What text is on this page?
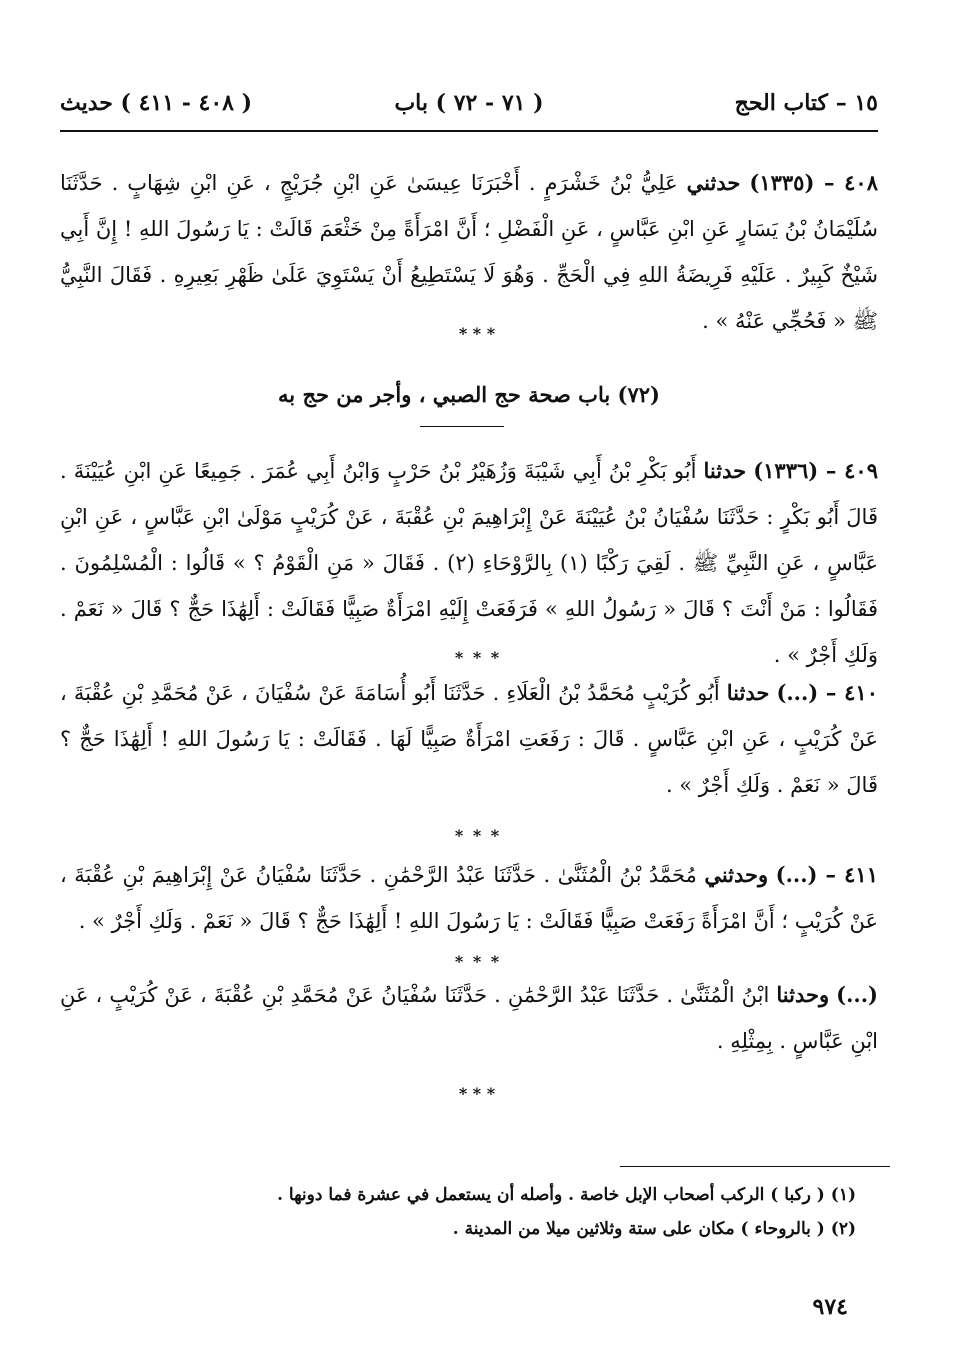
١٥ – كتاب الحج
( ٧١ - ٧٢ ) باب
( ٤٠٨ - ٤١١ ) حديث
٤٠٨ – (١٣٣٥) حدثني عَلِيُّ بْنُ خَشْرَمٍ . أَخْبَرَنَا عِيسَىٰ عَنِ ابْنِ جُرَيْجٍ ، عَنِ ابْنِ شِهَابٍ . حَدَّثَنَا سُلَيْمَانُ بْنُ يَسَارٍ عَنِ ابْنِ عَبَّاسٍ ، عَنِ الْفَضْلِ ؛ أَنَّ امْرَأَةً مِنْ خَثْعَمَ قَالَتْ : يَا رَسُولَ اللهِ ! إِنَّ أَبِي شَيْخٌ كَبِيرٌ . عَلَيْهِ فَرِيضَةُ اللهِ فِي الْحَجِّ . وَهُوَ لَا يَسْتَطِيعُ أَنْ يَسْتَوِيَ عَلَىٰ ظَهْرِ بَعِيرِهِ . فَقَالَ النَّبِيُّ ﷺ « فَحُجِّي عَنْهُ » .
* * *
(٧٢) باب صحة حج الصبي ، وأجر من حج به
٤٠٩ – (١٣٣٦) حدثنا أَبُو بَكْرِ بْنُ أَبِي شَيْبَةَ وَزُهَيْرُ بْنُ حَرْبٍ وَابْنُ أَبِي عُمَرَ . جَمِيعًا عَنِ ابْنِ عُيَيْنَةَ . قَالَ أَبُو بَكْرٍ : حَدَّثَنَا سُفْيَانُ بْنُ عُيَيْنَةَ عَنْ إِبْرَاهِيمَ بْنِ عُقْبَةَ ، عَنْ كُرَيْبٍ مَوْلَىٰ ابْنِ عَبَّاسٍ ، عَنِ ابْنِ عَبَّاسٍ ، عَنِ النَّبِيِّ ﷺ . لَقِيَ رَكْبًا (١) بِالرَّوْحَاءِ (٢) . فَقَالَ « مَنِ الْقَوْمُ ؟ » قَالُوا : الْمُسْلِمُونَ . فَقَالُوا : مَنْ أَنْتَ ؟ قَالَ « رَسُولُ اللهِ » فَرَفَعَتْ إِلَيْهِ امْرَأَةٌ صَبِيًّا فَقَالَتْ : أَلِهَٰذَا حَجٌّ ؟ قَالَ « نَعَمْ . وَلَكِ أَجْرٌ » .
* * *
٤١٠ – (...) حدثنا أَبُو كُرَيْبٍ مُحَمَّدُ بْنُ الْعَلَاءِ . حَدَّثَنَا أَبُو أُسَامَةَ عَنْ سُفْيَانَ ، عَنْ مُحَمَّدِ بْنِ عُقْبَةَ ، عَنْ كُرَيْبٍ ، عَنِ ابْنِ عَبَّاسٍ . قَالَ : رَفَعَتِ امْرَأَةٌ صَبِيًّا لَهَا . فَقَالَتْ : يَا رَسُولَ اللهِ ! أَلِهَٰذَا حَجٌّ ؟ قَالَ « نَعَمْ . وَلَكِ أَجْرٌ » .
* * *
٤١١ – (...) وحدثني مُحَمَّدُ بْنُ الْمُثَنَّىٰ . حَدَّثَنَا عَبْدُ الرَّحْمَٰنِ . حَدَّثَنَا سُفْيَانُ عَنْ إِبْرَاهِيمَ بْنِ عُقْبَةَ ، عَنْ كُرَيْبٍ ؛ أَنَّ امْرَأَةً رَفَعَتْ صَبِيًّا فَقَالَتْ : يَا رَسُولَ اللهِ ! أَلِهَٰذَا حَجٌّ ؟ قَالَ « نَعَمْ . وَلَكِ أَجْرٌ » .
* * *
(...) وحدثنا ابْنُ الْمُثَنَّىٰ . حَدَّثَنَا عَبْدُ الرَّحْمَٰنِ . حَدَّثَنَا سُفْيَانُ عَنْ مُحَمَّدِ بْنِ عُقْبَةَ ، عَنْ كُرَيْبٍ ، عَنِ ابْنِ عَبَّاسٍ . بِمِثْلِهِ .
* * *
(١) ( ركبا ) الركب أصحاب الإبل خاصة . وأصله أن يستعمل في عشرة فما دونها .
(٢) ( بالروحاء ) مكان على ستة وثلاثين ميلا من المدينة .
٩٧٤
